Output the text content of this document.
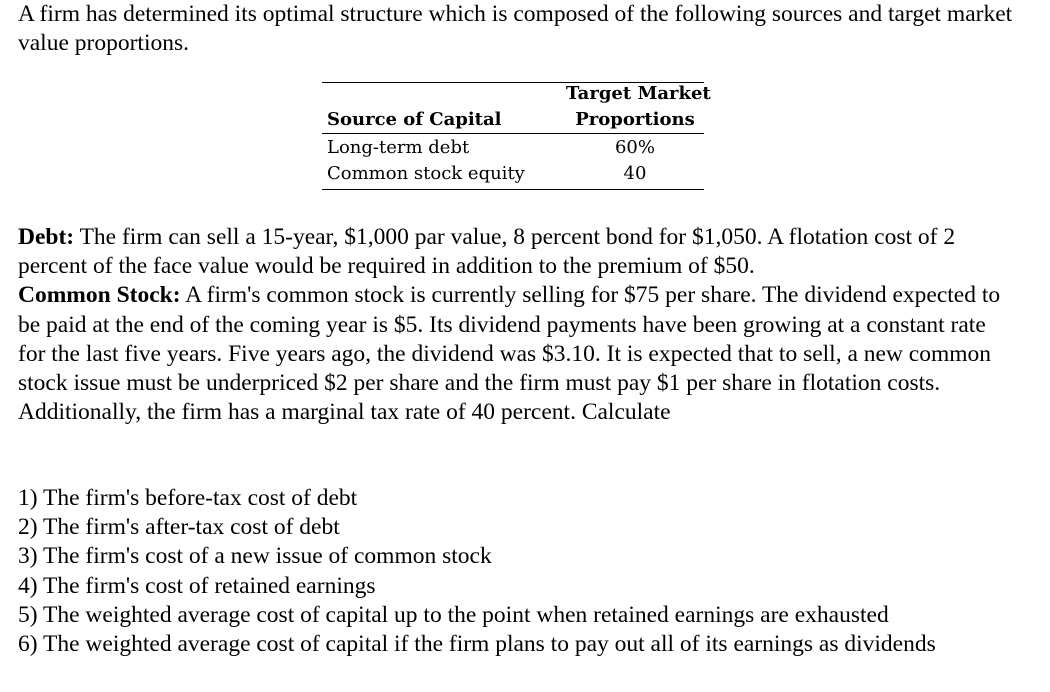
A firm has determined its optimal structure which is composed of the following sources and target market value proportions.

Target Market
Proportions
Source of Capital
Long-term debt	60%
Common stock equity	40

Debt: The firm can sell a 15-year, $1,000 par value, 8 percent bond for $1,050. A flotation cost of 2 percent of the face value would be required in addition to the premium of $50.
Common Stock: A firm's common stock is currently selling for $75 per share. The dividend expected to be paid at the end of the coming year is $5. Its dividend payments have been growing at a constant rate for the last five years. Five years ago, the dividend was $3.10. It is expected that to sell, a new common stock issue must be underpriced $2 per share and the firm must pay $1 per share in flotation costs. Additionally, the firm has a marginal tax rate of 40 percent. Calculate

1) The firm's before-tax cost of debt
2) The firm's after-tax cost of debt
3) The firm's cost of a new issue of common stock
4) The firm's cost of retained earnings
5) The weighted average cost of capital up to the point when retained earnings are exhausted
6) The weighted average cost of capital if the firm plans to pay out all of its earnings as dividends
